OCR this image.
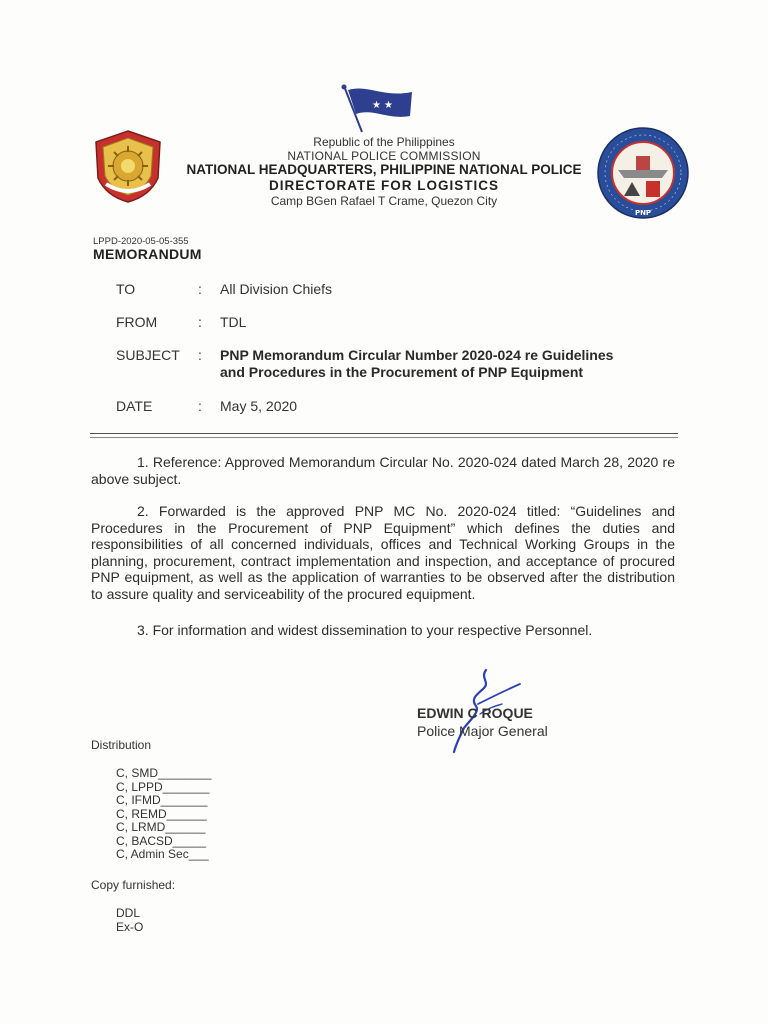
★ ★
PNP
Republic of the Philippines
NATIONAL POLICE COMMISSION
NATIONAL HEADQUARTERS, PHILIPPINE NATIONAL POLICE
DIRECTORATE FOR LOGISTICS
Camp BGen Rafael T Crame, Quezon City
LPPD-2020-05-05-355
MEMORANDUM
TO	: All Division Chiefs
FROM	: TDL
SUBJECT : PNP Memorandum Circular Number 2020-024 re Guidelines
and Procedures in the Procurement of PNP Equipment
DATE	: May 5, 2020

1. Reference: Approved Memorandum Circular No. 2020-024 dated March 28, 2020 re above subject.

2. Forwarded is the approved PNP MC No. 2020-024 titled: “Guidelines and Procedures in the Procurement of PNP Equipment” which defines the duties and responsibilities of all concerned individuals, offices and Technical Working Groups in the planning, procurement, contract implementation and inspection, and acceptance of procured PNP equipment, as well as the application of warranties to be observed after the distribution to assure quality and serviceability of the procured equipment.

3. For information and widest dissemination to your respective Personnel.

EDWIN C ROQUE
Police Major General
Distribution
C, SMD________
C, LPPD_______
C, IFMD_______
C, REMD______
C, LRMD______
C, BACSD_____
C, Admin Sec___
Copy furnished:
DDL
Ex-O
